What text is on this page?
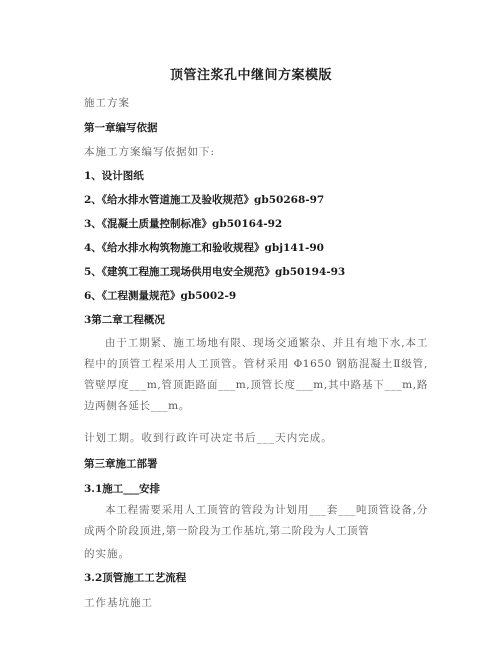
顶管注浆孔中继间方案模版
施工方案
第一章编写依据
本施工方案编写依据如下:
1、设计图纸
2、《给水排水管道施工及验收规范》gb50268-97
3、《混凝土质量控制标准》gb50164-92
4、《给水排水构筑物施工和验收规程》gbj141-90
5、《建筑工程施工现场供用电安全规范》gb50194-93
6、《工程测量规范》gb5002-9
3第二章工程概况
由于工期紧、施工场地有限、现场交通繁杂、并且有地下水,本工程中的顶管工程采用人工顶管。管材采用 Φ1650 钢筋混凝土Ⅱ级管,管壁厚度___m,管顶距路面___m,顶管长度___m,其中路基下___m,路边两侧各延长___m。
计划工期。收到行政许可决定书后___天内完成。
第三章施工部署
3.1施工___安排
本工程需要采用人工顶管的管段为计划用___套___吨顶管设备,分成两个阶段顶进,第一阶段为工作基坑,第二阶段为人工顶管
的实施。
3.2顶管施工工艺流程
工作基坑施工
